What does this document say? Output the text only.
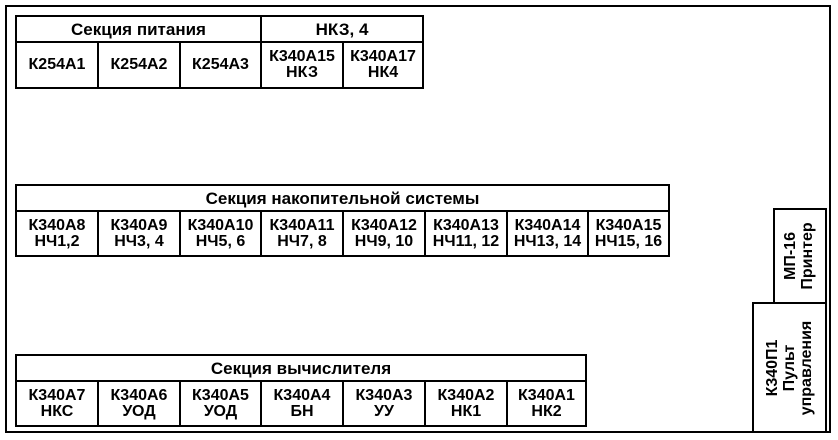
Секция питания
К254А1 К254А2 К254А3
НКЗ, 4
К340А15
НКЗ
К340А17
НК4
Секция накопительной системы
К340А8
НЧ1,2
К340А9
НЧ3, 4
К340А10
НЧ5, 6
К340А11
НЧ7, 8
К340А12
НЧ9, 10
К340А13
НЧ11, 12
К340А14
НЧ13, 14
К340А15
НЧ15, 16
Секция вычислителя
К340А7
НКС
К340А6
УОД
К340А5
УОД
К340А4
БН
К340А3
УУ
К340А2
НК1
К340А1
НК2
МП-16 Принтер
К340П1 Пульт управления
